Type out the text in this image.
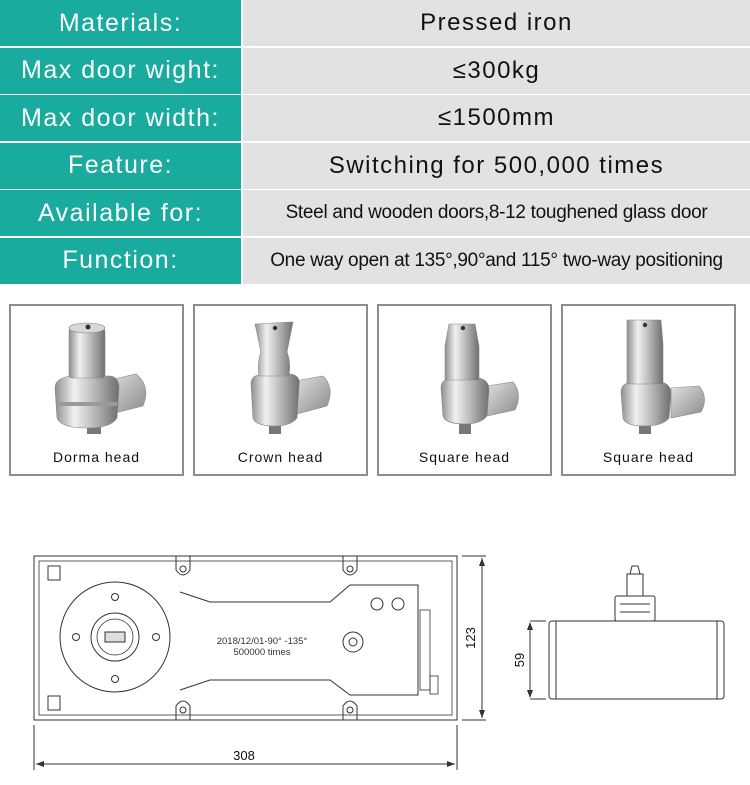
Materials:	Pressed iron
Max door wight:	≤300kg
Max door width:	≤1500mm
Feature:	Switching for 500,000 times
Available for:	Steel and wooden doors,8-12 toughened glass door
Function:	One way open at 135°,90°and 115° two-way positioning
Dorma head	Crown head	Square head	Square head
2018/12/01-90° -135°
500000 times
308
123
59
